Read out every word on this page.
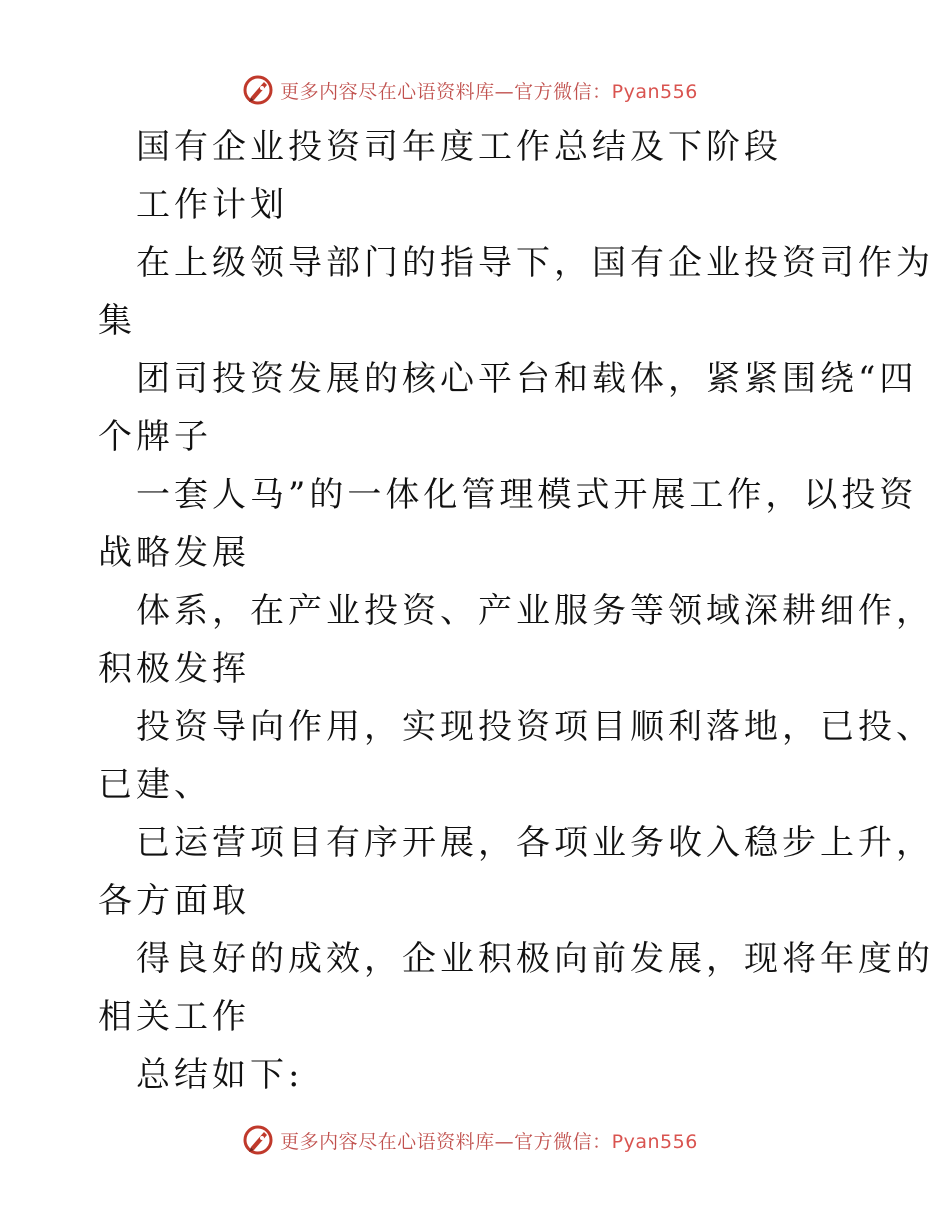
更多内容尽在心语资料库—官方微信：Pyan556
国有企业投资司年度工作总结及下阶段
工作计划
在上级领导部门的指导下，国有企业投资司作为
集
团司投资发展的核心平台和载体，紧紧围绕“四
个牌子
一套人马”的一体化管理模式开展工作，以投资
战略发展
体系，在产业投资、产业服务等领域深耕细作，
积极发挥
投资导向作用，实现投资项目顺利落地，已投、
已建、
已运营项目有序开展，各项业务收入稳步上升，
各方面取
得良好的成效，企业积极向前发展，现将年度的
相关工作
总结如下:
更多内容尽在心语资料库—官方微信：Pyan556
